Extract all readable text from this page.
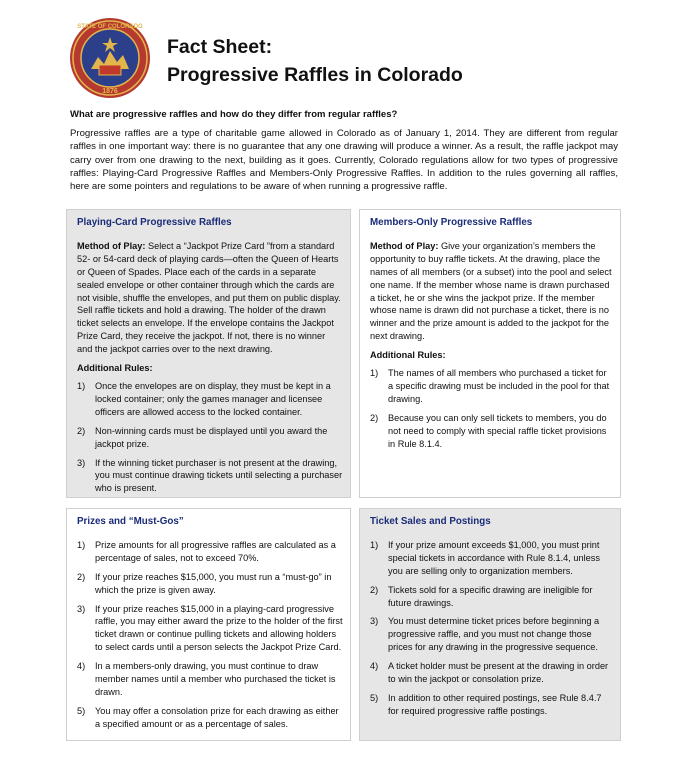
STATE OF COLORADO
1876
Fact Sheet:
Progressive Raffles in Colorado
What are progressive raffles and how do they differ from regular raffles?
Progressive raffles are a type of charitable game allowed in Colorado as of January 1, 2014. They are different from regular raffles in one important way: there is no guarantee that any one drawing will produce a winner. As a result, the raffle jackpot may carry over from one drawing to the next, building as it goes. Currently, Colorado regulations allow for two types of progressive raffles: Playing-Card Progressive Raffles and Members-Only Progressive Raffles. In addition to the rules governing all raffles, here are some pointers and regulations to be aware of when running a progressive raffle.
Playing-Card Progressive Raffles

Method of Play: Select a “Jackpot Prize Card ”from a standard 52- or 54-card deck of playing cards—often the Queen of Hearts or Queen of Spades. Place each of the cards in a separate sealed envelope or other container through which the cards are not visible, shuffle the envelopes, and put them on public display. Sell raffle tickets and hold a drawing. The holder of the drawn ticket selects an envelope. If the envelope contains the Jackpot Prize Card, they receive the jackpot. If not, there is no winner and the jackpot carries over to the next drawing.

Additional Rules:
1) Once the envelopes are on display, they must be kept in a locked container; only the games manager and licensee officers are allowed access to the locked container.
2) Non-winning cards must be displayed until you award the jackpot prize.
3) If the winning ticket purchaser is not present at the drawing, you must continue drawing tickets until selecting a purchaser who is present.
Members-Only Progressive Raffles

Method of Play: Give your organization’s members the opportunity to buy raffle tickets. At the drawing, place the names of all members (or a subset) into the pool and select one name. If the member whose name is drawn purchased a ticket, he or she wins the jackpot prize. If the member whose name is drawn did not purchase a ticket, there is no winner and the prize amount is added to the jackpot for the next drawing.

Additional Rules:
1) The names of all members who purchased a ticket for a specific drawing must be included in the pool for that drawing.
2) Because you can only sell tickets to members, you do not need to comply with special raffle ticket provisions in Rule 8.1.4.
Prizes and “Must-Gos”
1) Prize amounts for all progressive raffles are calculated as a percentage of sales, not to exceed 70%.
2) If your prize reaches $15,000, you must run a “must-go” in which the prize is given away.
3) If your prize reaches $15,000 in a playing-card progressive raffle, you may either award the prize to the holder of the first ticket drawn or continue pulling tickets and allowing holders to select cards until a person selects the Jackpot Prize Card.
4) In a members-only drawing, you must continue to draw member names until a member who purchased the ticket is drawn.
5) You may offer a consolation prize for each drawing as either a specified amount or as a percentage of sales.
Ticket Sales and Postings
1) If your prize amount exceeds $1,000, you must print special tickets in accordance with Rule 8.1.4, unless you are selling only to organization members.
2) Tickets sold for a specific drawing are ineligible for future drawings.
3) You must determine ticket prices before beginning a progressive raffle, and you must not change those prices for any drawing in the progressive sequence.
4) A ticket holder must be present at the drawing in order to win the jackpot or consolation prize.
5) In addition to other required postings, see Rule 8.4.7 for required progressive raffle postings.
